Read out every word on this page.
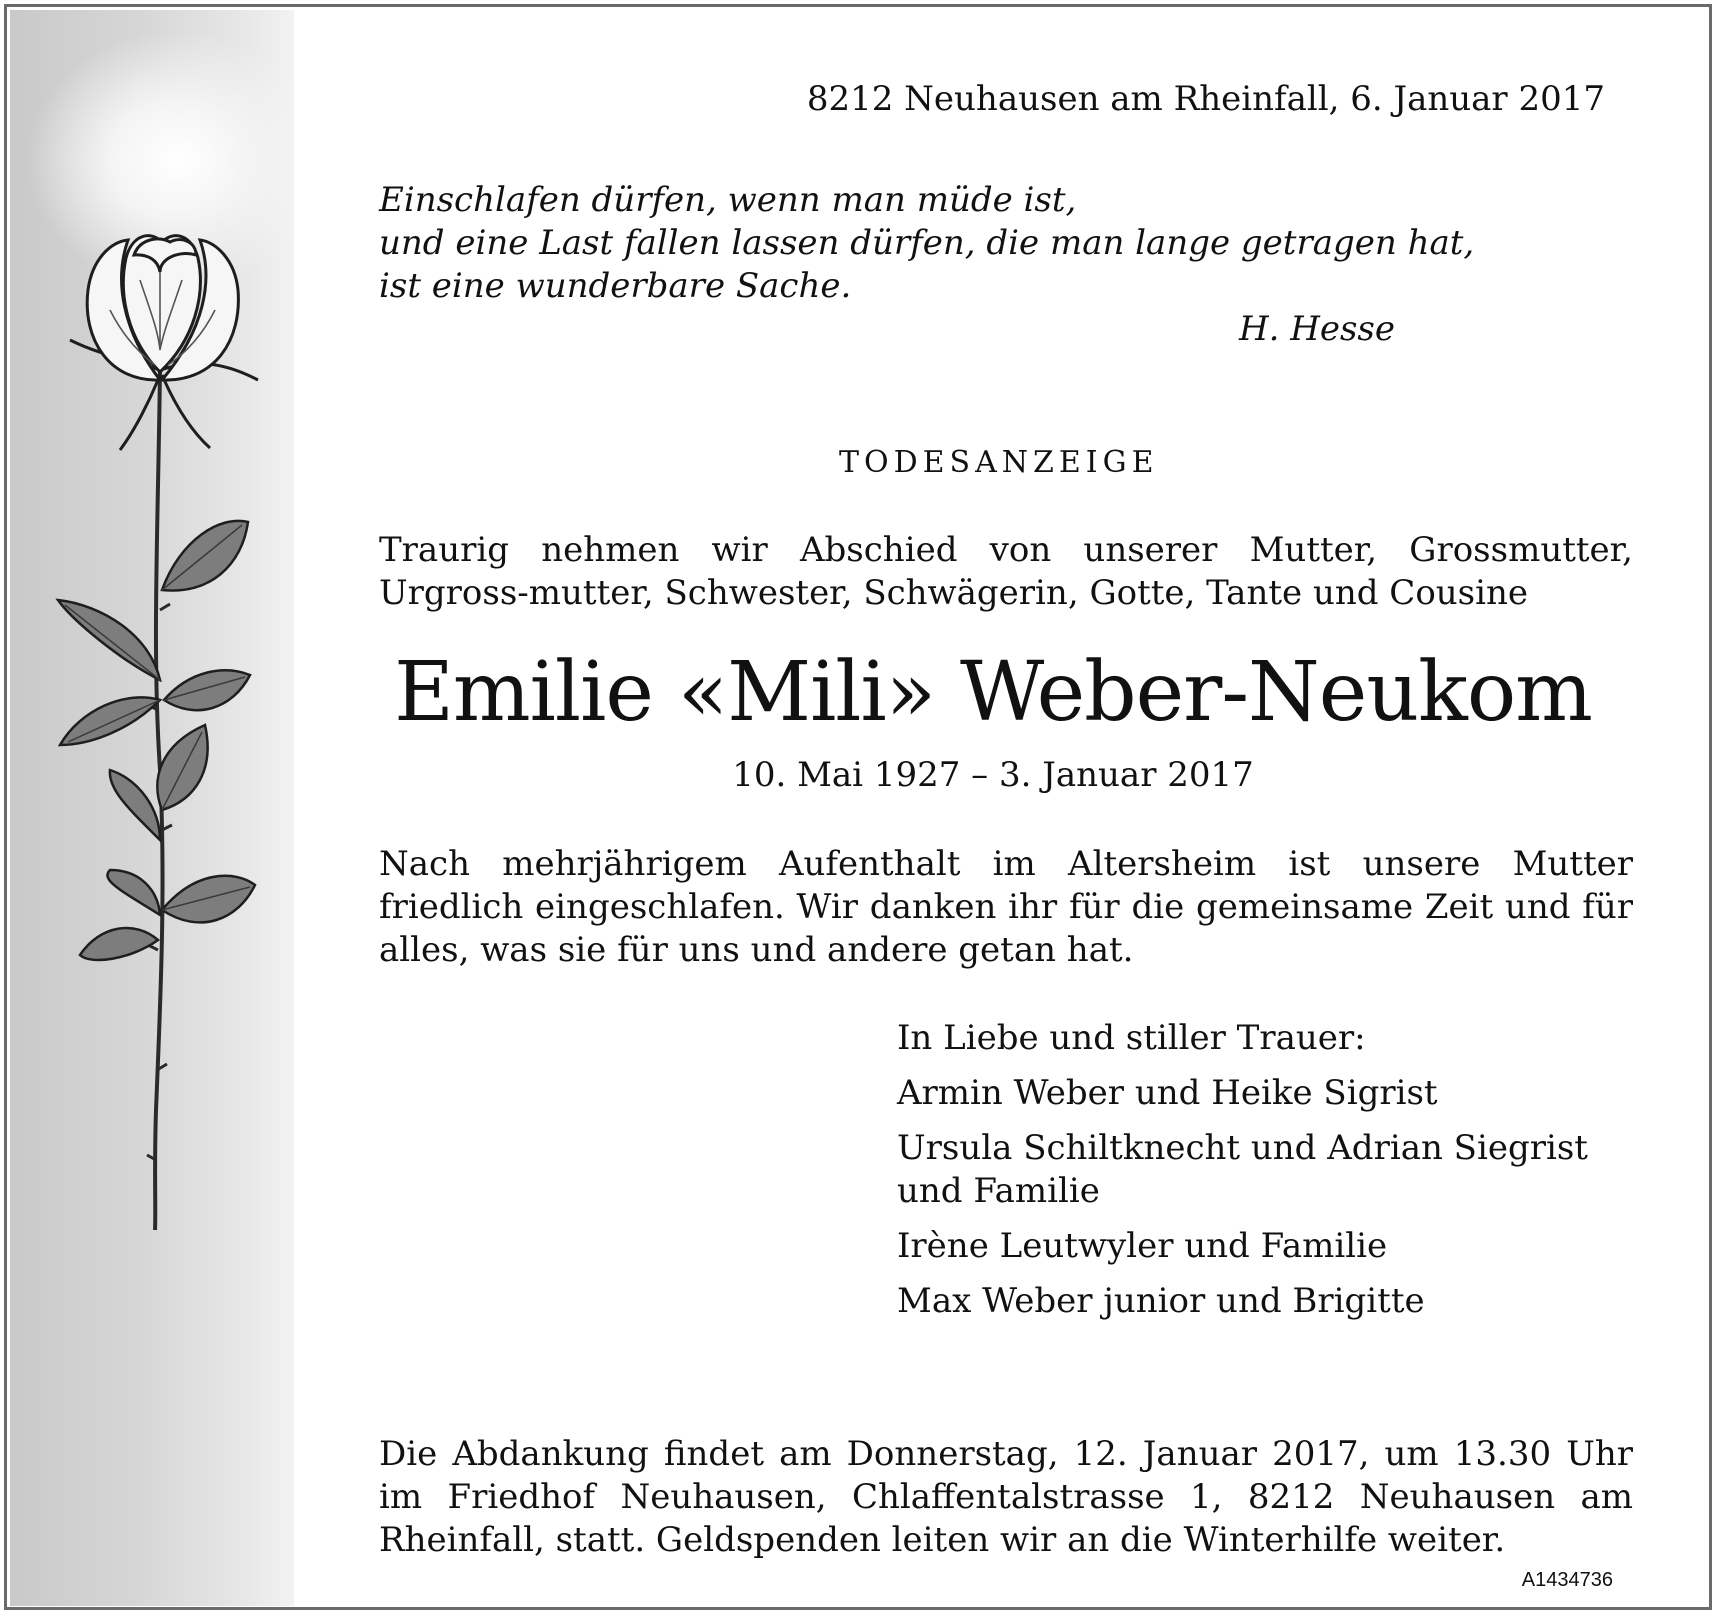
8212 Neuhausen am Rheinfall, 6. Januar 2017

Einschlafen dürfen, wenn man müde ist,
und eine Last fallen lassen dürfen, die man lange getragen hat,
ist eine wunderbare Sache.

H. Hesse

TODESANZEIGE

Traurig nehmen wir Abschied von unserer Mutter, Grossmutter, Urgross-mutter, Schwester, Schwägerin, Gotte, Tante und Cousine

Emilie «Mili» Weber-Neukom

10. Mai 1927 – 3. Januar 2017

Nach mehrjährigem Aufenthalt im Altersheim ist unsere Mutter friedlich eingeschlafen. Wir danken ihr für die gemeinsame Zeit und für alles, was sie für uns und andere getan hat.

In Liebe und stiller Trauer:
Armin Weber und Heike Sigrist
Ursula Schiltknecht und Adrian Siegrist
und Familie
Irène Leutwyler und Familie
Max Weber junior und Brigitte

Die Abdankung findet am Donnerstag, 12. Januar 2017, um 13.30 Uhr im Friedhof Neuhausen, Chlaffentalstrasse 1, 8212 Neuhausen am Rheinfall, statt. Geldspenden leiten wir an die Winterhilfe weiter.

A1434736
